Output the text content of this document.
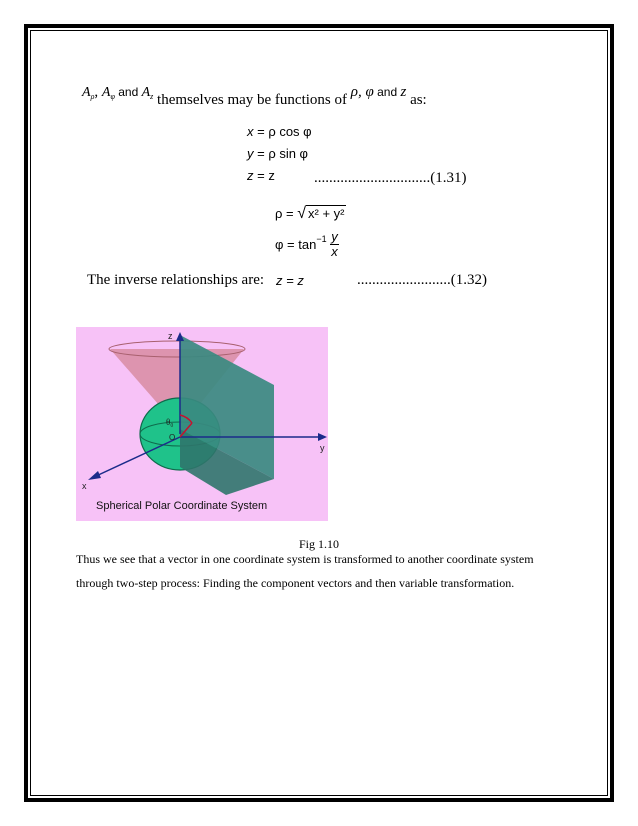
$A_\rho$, $A_\varphi$ and $A_z$ themselves may be functions of ρ, φ and z as:
x = ρ cos φ
y = ρ sin φ
z = z	...............................(1.31)
ρ = √ x² + y²
$\varphi = \tan^{-1} \frac{y}{x}$
The inverse relationships are: z = z	.........................(1.32)
z
y
x
θ₀
O
Spherical Polar Coordinate System
Fig 1.10
Thus we see that a vector in one coordinate system is transformed to another coordinate system
through two-step process: Finding the component vectors and then variable transformation.
